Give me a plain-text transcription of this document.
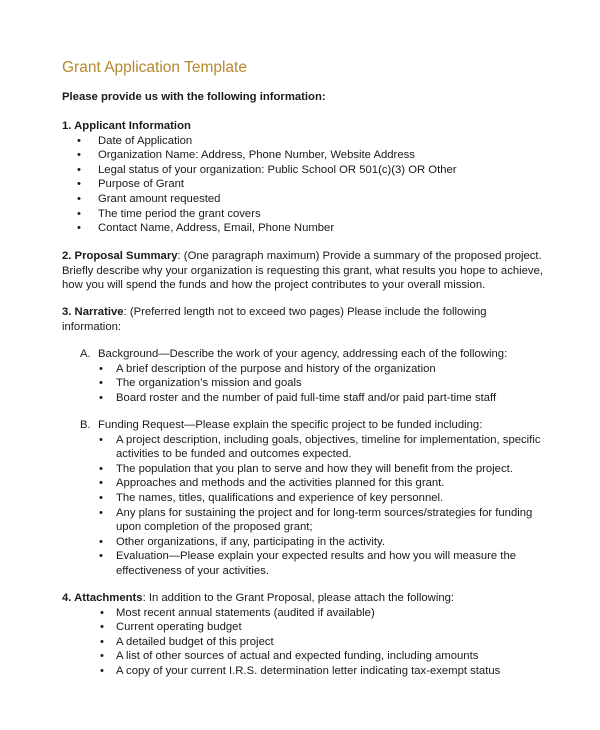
Grant Application Template
Please provide us with the following information:
1. Applicant Information
• Date of Application
• Organization Name: Address, Phone Number, Website Address
• Legal status of your organization: Public School OR 501(c)(3) OR Other
• Purpose of Grant
• Grant amount requested
• The time period the grant covers
• Contact Name, Address, Email, Phone Number
2. Proposal Summary: (One paragraph maximum) Provide a summary of the proposed project.
Briefly describe why your organization is requesting this grant, what results you hope to achieve,
how you will spend the funds and how the project contributes to your overall mission.
3. Narrative: (Preferred length not to exceed two pages) Please include the following
information:
A. Background—Describe the work of your agency, addressing each of the following:
• A brief description of the purpose and history of the organization
• The organization’s mission and goals
• Board roster and the number of paid full-time staff and/or paid part-time staff
B. Funding Request—Please explain the specific project to be funded including:
• A project description, including goals, objectives, timeline for implementation, specific
activities to be funded and outcomes expected.
• The population that you plan to serve and how they will benefit from the project.
• Approaches and methods and the activities planned for this grant.
• The names, titles, qualifications and experience of key personnel.
• Any plans for sustaining the project and for long-term sources/strategies for funding
upon completion of the proposed grant;
• Other organizations, if any, participating in the activity.
• Evaluation—Please explain your expected results and how you will measure the
effectiveness of your activities.
4. Attachments: In addition to the Grant Proposal, please attach the following:
• Most recent annual statements (audited if available)
• Current operating budget
• A detailed budget of this project
• A list of other sources of actual and expected funding, including amounts
• A copy of your current I.R.S. determination letter indicating tax-exempt status
